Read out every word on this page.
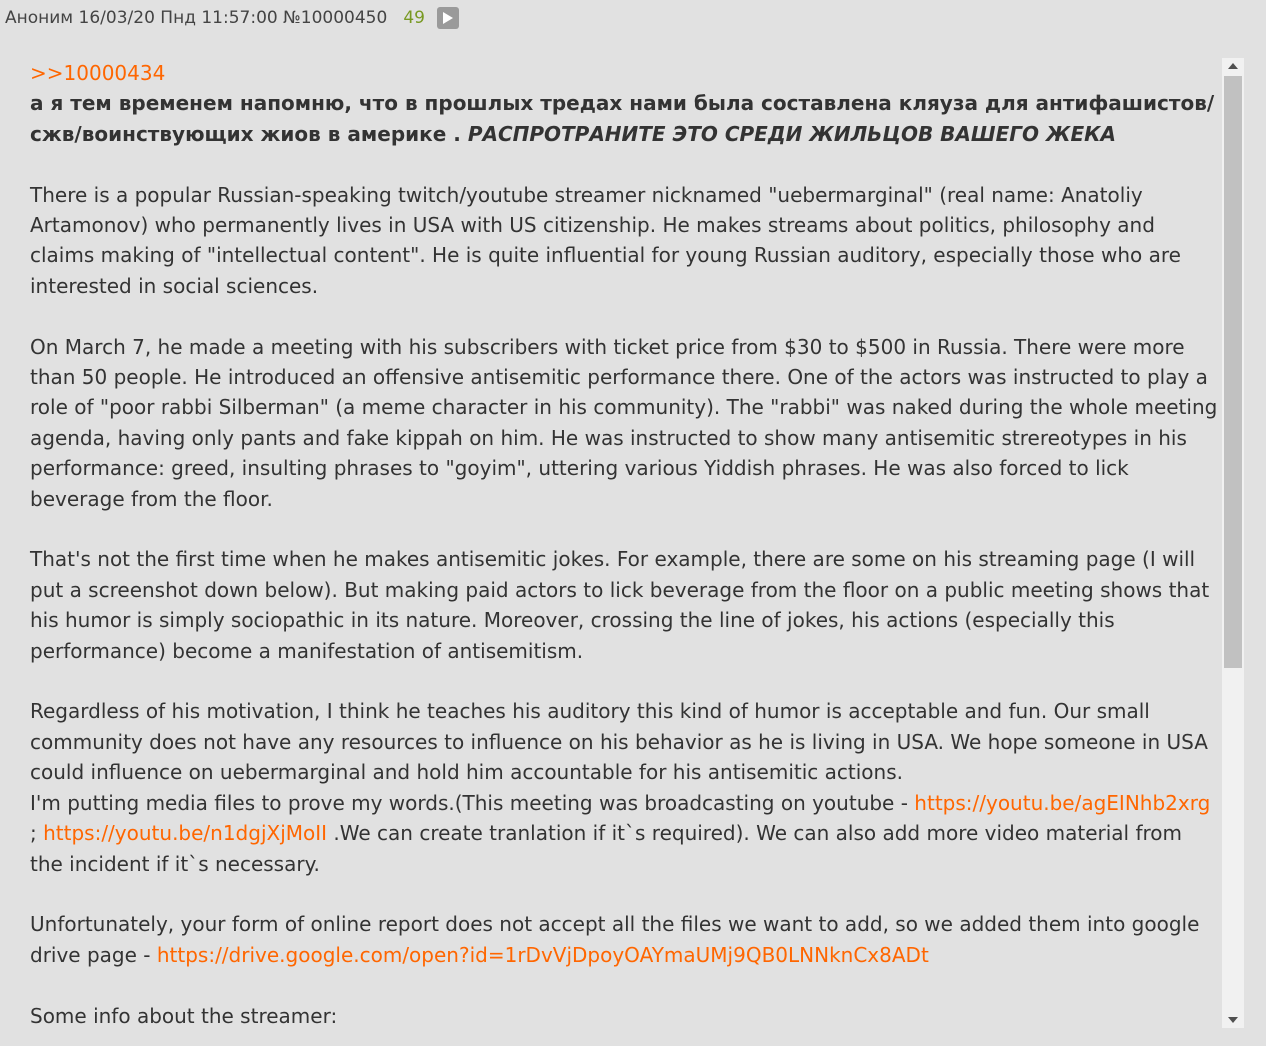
Аноним 16/03/20 Пнд 11:57:00 №10000450 49

>>10000434

а я тем временем напомню, что в прошлых тредах нами была составлена кляуза для антифашистов/сжв/воинствующих жиов в америке . РАСПРОТРАНИТЕ ЭТО СРЕДИ ЖИЛЬЦОВ ВАШЕГО ЖЕКА

There is a popular Russian-speaking twitch/youtube streamer nicknamed "uebermarginal" (real name: Anatoliy Artamonov) who permanently lives in USA with US citizenship. He makes streams about politics, philosophy and claims making of "intellectual content". He is quite influential for young Russian auditory, especially those who are interested in social sciences.

On March 7, he made a meeting with his subscribers with ticket price from $30 to $500 in Russia. There were more than 50 people. He introduced an offensive antisemitic performance there. One of the actors was instructed to play a role of "poor rabbi Silberman" (a meme character in his community). The "rabbi" was naked during the whole meeting agenda, having only pants and fake kippah on him. He was instructed to show many antisemitic strereotypes in his performance: greed, insulting phrases to "goyim", uttering various Yiddish phrases. He was also forced to lick beverage from the floor.

That's not the first time when he makes antisemitic jokes. For example, there are some on his streaming page (I will put a screenshot down below). But making paid actors to lick beverage from the floor on a public meeting shows that his humor is simply sociopathic in its nature. Moreover, crossing the line of jokes, his actions (especially this performance) become a manifestation of antisemitism.

Regardless of his motivation, I think he teaches his auditory this kind of humor is acceptable and fun. Our small community does not have any resources to influence on his behavior as he is living in USA. We hope someone in USA could influence on uebermarginal and hold him accountable for his antisemitic actions.

I'm putting media files to prove my words.(This meeting was broadcasting on youtube - https://youtu.be/agEINhb2xrg ; https://youtu.be/n1dgjXjMoII .We can create tranlation if it`s required). We can also add more video material from the incident if it`s necessary.

Unfortunately, your form of online report does not accept all the files we want to add, so we added them into google drive page - https://drive.google.com/open?id=1rDvVjDpoyOAYmaUMj9QB0LNNknCx8ADt

Some info about the streamer:
